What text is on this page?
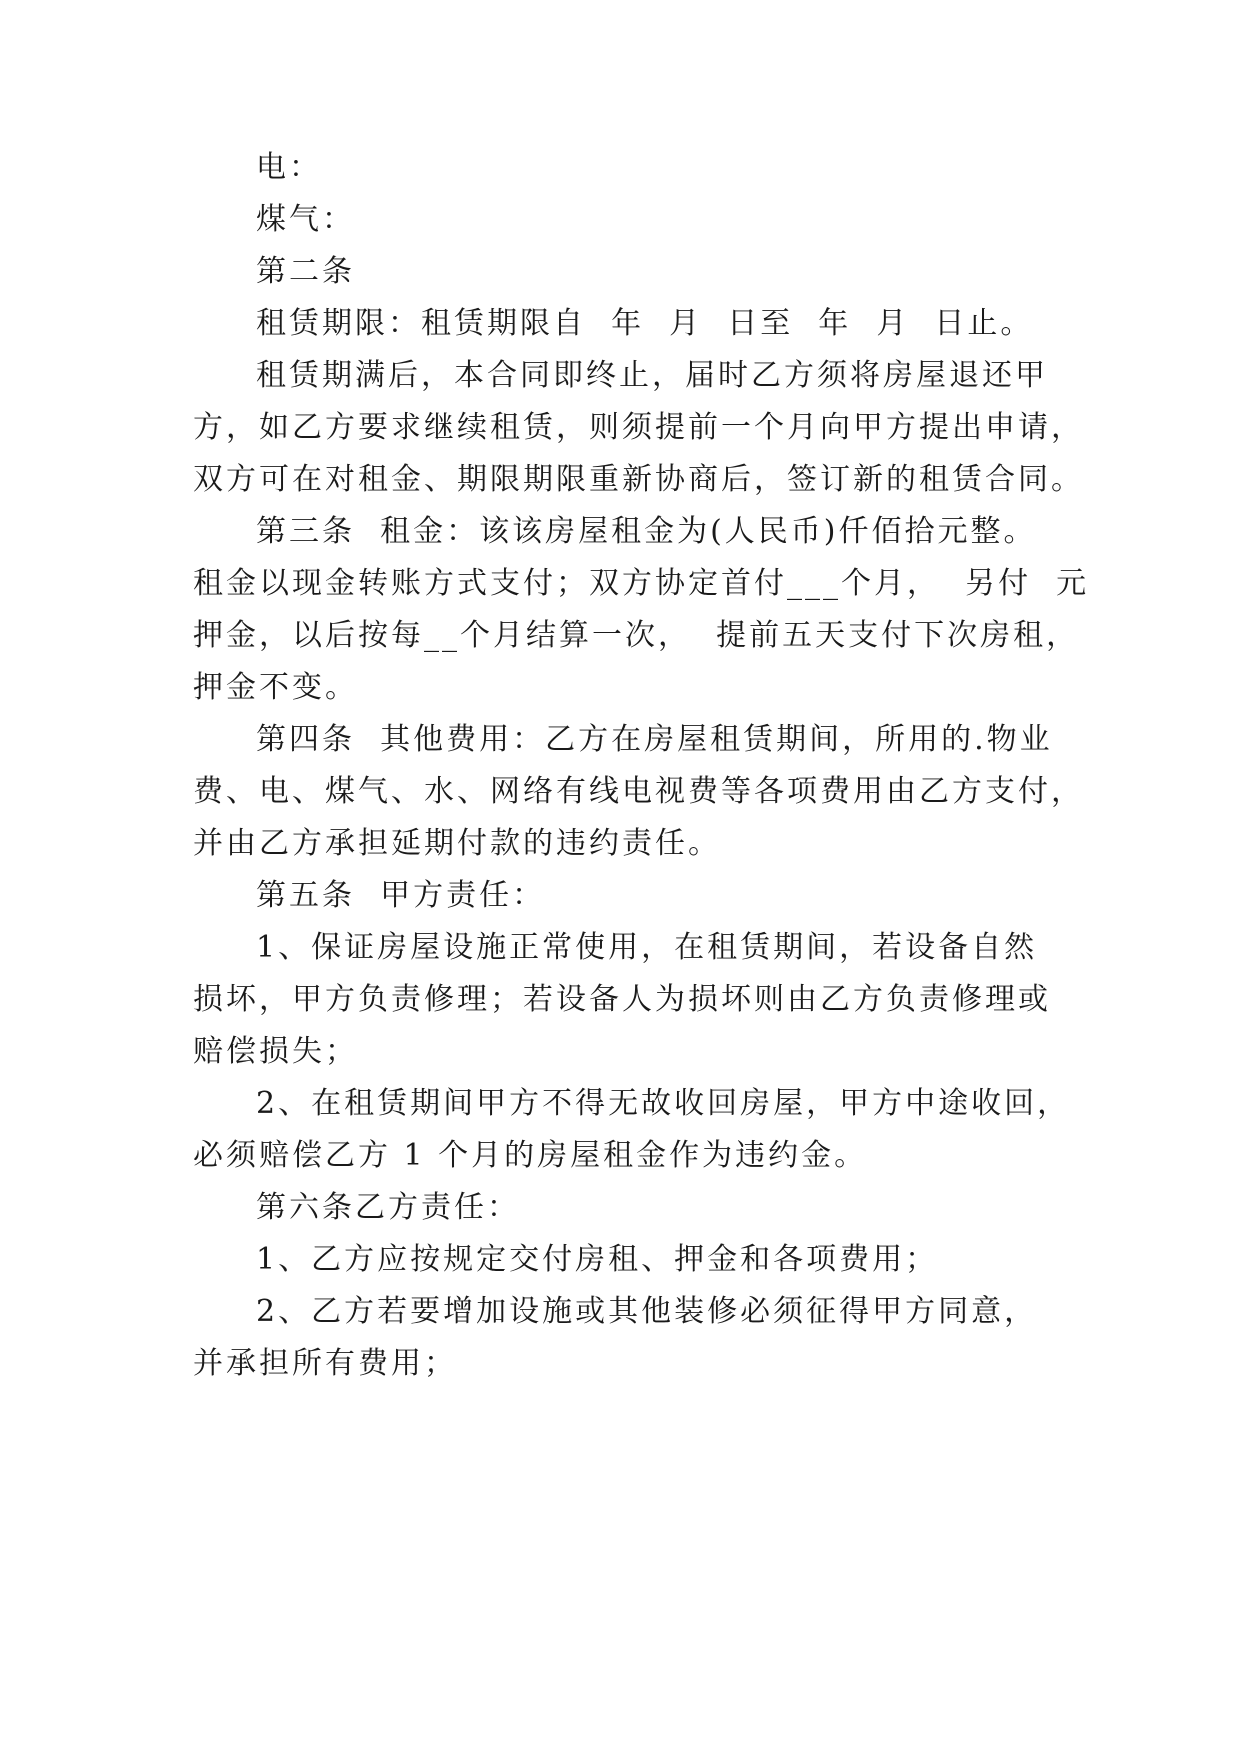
电：
煤气：
第二条
租赁期限：租赁期限自  年  月  日至  年  月  日止。
租赁期满后，本合同即终止，届时乙方须将房屋退还甲
方，如乙方要求继续租赁，则须提前一个月向甲方提出申请，
双方可在对租金、期限期限重新协商后，签订新的租赁合同。
第三条  租金：该该房屋租金为(人民币)仟佰拾元整。
租金以现金转账方式支付；双方协定首付___个月，  另付  元
押金，以后按每__个月结算一次，  提前五天支付下次房租，
押金不变。
第四条  其他费用：乙方在房屋租赁期间，所用的.物业
费、电、煤气、水、网络有线电视费等各项费用由乙方支付，
并由乙方承担延期付款的违约责任。
第五条  甲方责任：
1、保证房屋设施正常使用，在租赁期间，若设备自然
损坏，甲方负责修理；若设备人为损坏则由乙方负责修理或
赔偿损失；
2、在租赁期间甲方不得无故收回房屋，甲方中途收回，
必须赔偿乙方 1 个月的房屋租金作为违约金。
第六条乙方责任：
1、乙方应按规定交付房租、押金和各项费用；
2、乙方若要增加设施或其他装修必须征得甲方同意，
并承担所有费用；
